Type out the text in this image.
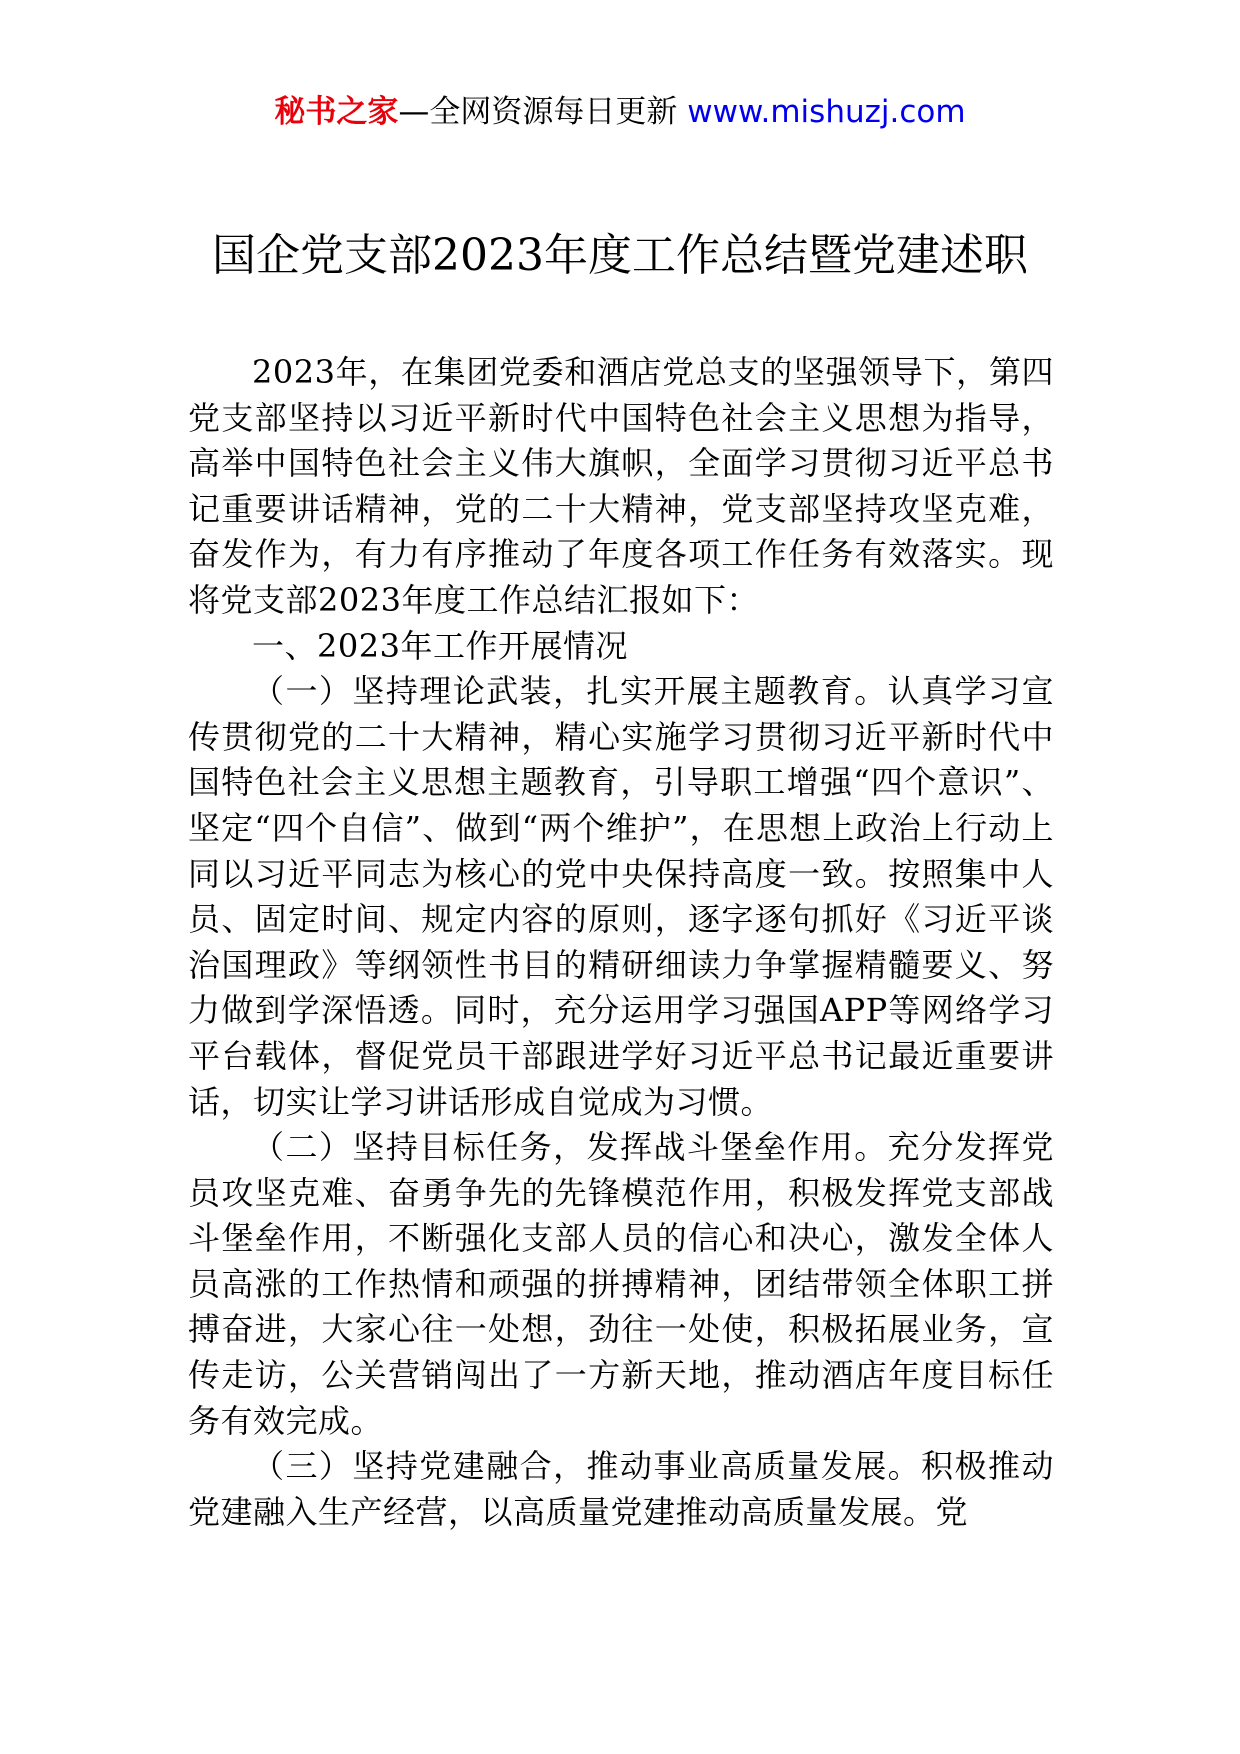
秘书之家—全网资源每日更新 www.mishuzj.com
国企党支部2023年度工作总结暨党建述职

2023年，在集团党委和酒店党总支的坚强领导下，第四党支部坚持以习近平新时代中国特色社会主义思想为指导，高举中国特色社会主义伟大旗帜，全面学习贯彻习近平总书记重要讲话精神，党的二十大精神，党支部坚持攻坚克难，奋发作为，有力有序推动了年度各项工作任务有效落实。现将党支部2023年度工作总结汇报如下：

一、2023年工作开展情况

（一）坚持理论武装，扎实开展主题教育。认真学习宣传贯彻党的二十大精神，精心实施学习贯彻习近平新时代中国特色社会主义思想主题教育，引导职工增强“四个意识”、坚定“四个自信”、做到“两个维护”，在思想上政治上行动上同以习近平同志为核心的党中央保持高度一致。按照集中人员、固定时间、规定内容的原则，逐字逐句抓好《习近平谈治国理政》等纲领性书目的精研细读力争掌握精髓要义、努力做到学深悟透。同时，充分运用学习强国APP等网络学习平台载体，督促党员干部跟进学好习近平总书记最近重要讲话，切实让学习讲话形成自觉成为习惯。

（二）坚持目标任务，发挥战斗堡垒作用。充分发挥党员攻坚克难、奋勇争先的先锋模范作用，积极发挥党支部战斗堡垒作用，不断强化支部人员的信心和决心，激发全体人员高涨的工作热情和顽强的拼搏精神，团结带领全体职工拼搏奋进，大家心往一处想，劲往一处使，积极拓展业务，宣传走访，公关营销闯出了一方新天地，推动酒店年度目标任务有效完成。

（三）坚持党建融合，推动事业高质量发展。积极推动党建融入生产经营，以高质量党建推动高质量发展。党
